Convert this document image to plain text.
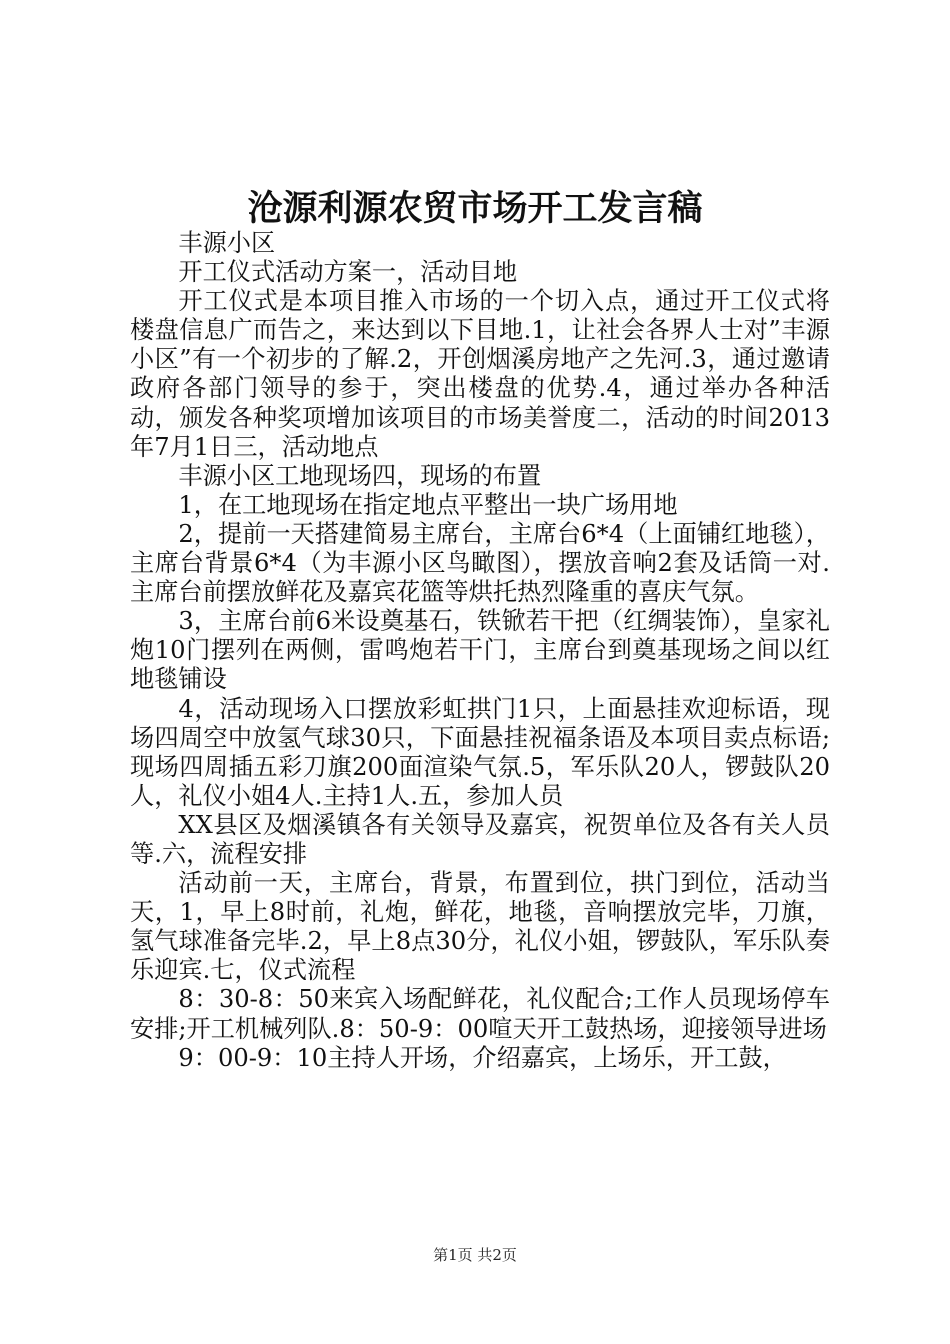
沧源利源农贸市场开工发言稿

丰源小区

开工仪式活动方案一，活动目地

开工仪式是本项目推入市场的一个切入点，通过开工仪式将楼盘信息广而告之，来达到以下目地.1，让社会各界人士对”丰源小区”有一个初步的了解.2，开创烟溪房地产之先河.3，通过邀请政府各部门领导的参于，突出楼盘的优势.4，通过举办各种活动，颁发各种奖项增加该项目的市场美誉度二，活动的时间2013年7月1日三，活动地点

丰源小区工地现场四，现场的布置

1，在工地现场在指定地点平整出一块广场用地

2，提前一天搭建简易主席台，主席台6*4（上面铺红地毯），主席台背景6*4（为丰源小区鸟瞰图），摆放音响2套及话筒一对.主席台前摆放鲜花及嘉宾花篮等烘托热烈隆重的喜庆气氛。

3，主席台前6米设奠基石，铁锨若干把（红绸装饰），皇家礼炮10门摆列在两侧，雷鸣炮若干门，主席台到奠基现场之间以红地毯铺设

4，活动现场入口摆放彩虹拱门1只，上面悬挂欢迎标语，现场四周空中放氢气球30只，下面悬挂祝福条语及本项目卖点标语;现场四周插五彩刀旗200面渲染气氛.5，军乐队20人，锣鼓队20人，礼仪小姐4人.主持1人.五，参加人员

XX县区及烟溪镇各有关领导及嘉宾，祝贺单位及各有关人员等.六，流程安排

活动前一天，主席台，背景，布置到位，拱门到位，活动当天，1，早上8时前，礼炮，鲜花，地毯，音响摆放完毕，刀旗，氢气球准备完毕.2，早上8点30分，礼仪小姐，锣鼓队，军乐队奏乐迎宾.七，仪式流程

8：30-8：50来宾入场配鲜花，礼仪配合;工作人员现场停车安排;开工机械列队.8：50-9：00喧天开工鼓热场，迎接领导进场

9：00-9：10主持人开场，介绍嘉宾，上场乐，开工鼓，

第1页 共2页
